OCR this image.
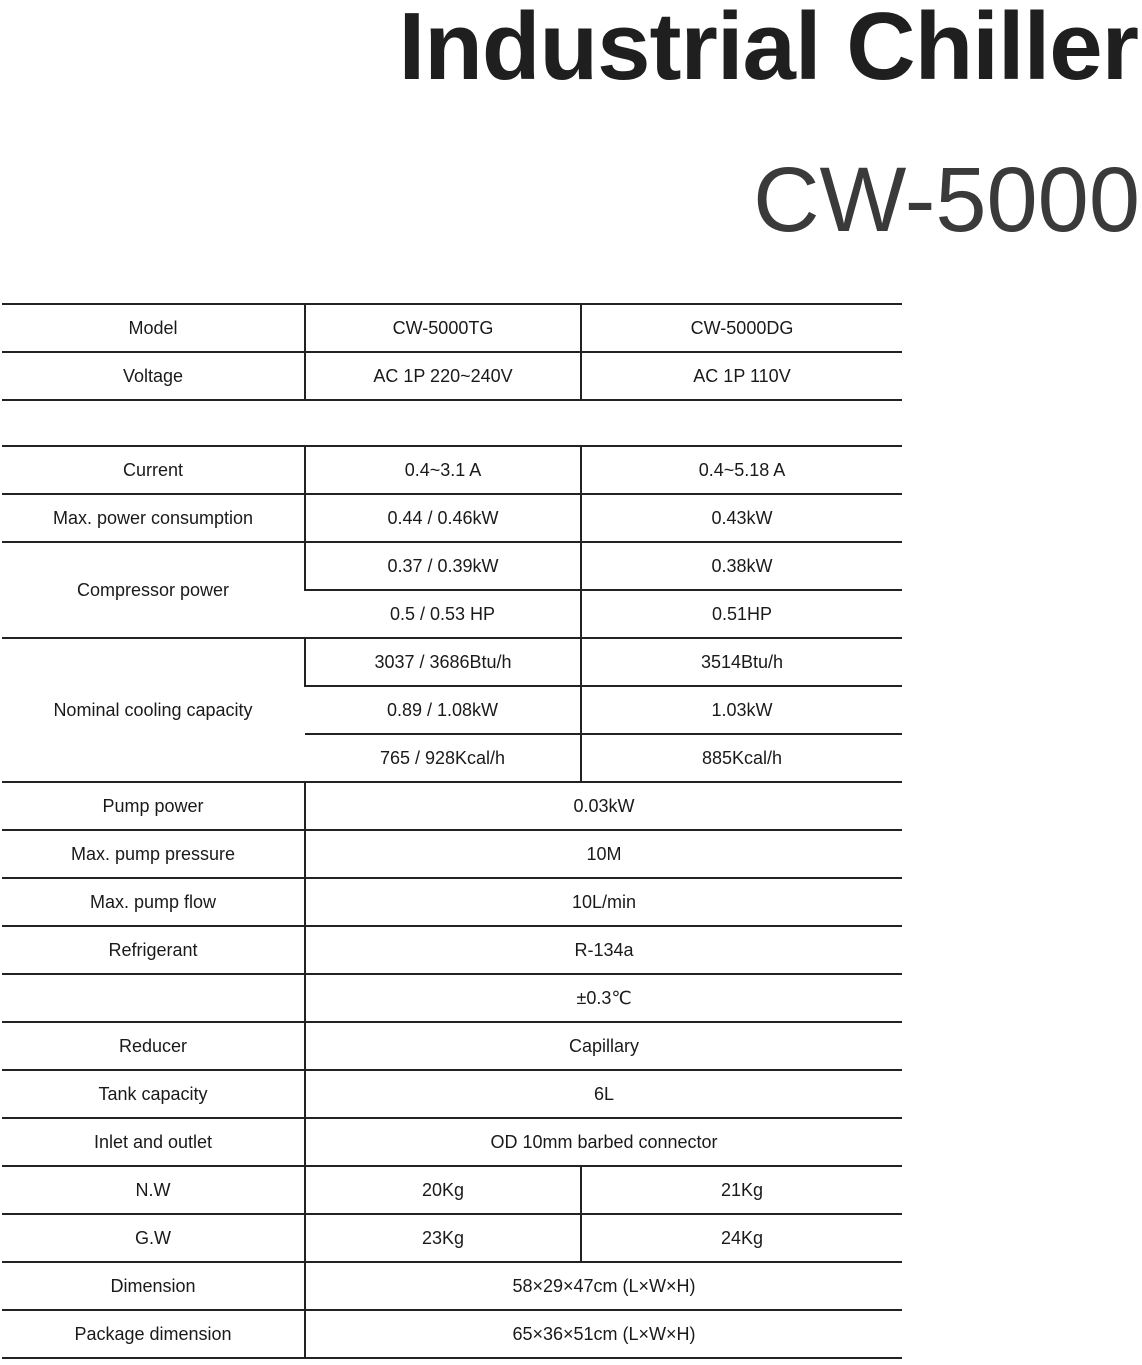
Industrial Chiller
CW-5000
Model	CW-5000TG	CW-5000DG
Voltage	AC 1P 220~240V	AC 1P 110V

Current	0.4~3.1 A	0.4~5.18 A
Max. power consumption	0.44 / 0.46kW	0.43kW
Compressor power	0.37 / 0.39kW	0.38kW
	0.5 / 0.53 HP	0.51HP
Nominal cooling capacity	3037 / 3686Btu/h	3514Btu/h
	0.89 / 1.08kW	1.03kW
	765 / 928Kcal/h	885Kcal/h
Pump power	0.03kW	
Max. pump pressure	10M	
Max. pump flow	10L/min	
Refrigerant	R-134a	
	±0.3℃	
Reducer	Capillary	
Tank capacity	6L	
Inlet and outlet	OD 10mm barbed connector	
N.W	20Kg	21Kg
G.W	23Kg	24Kg
Dimension	58×29×47cm (L×W×H)	
Package dimension	65×36×51cm (L×W×H)	
